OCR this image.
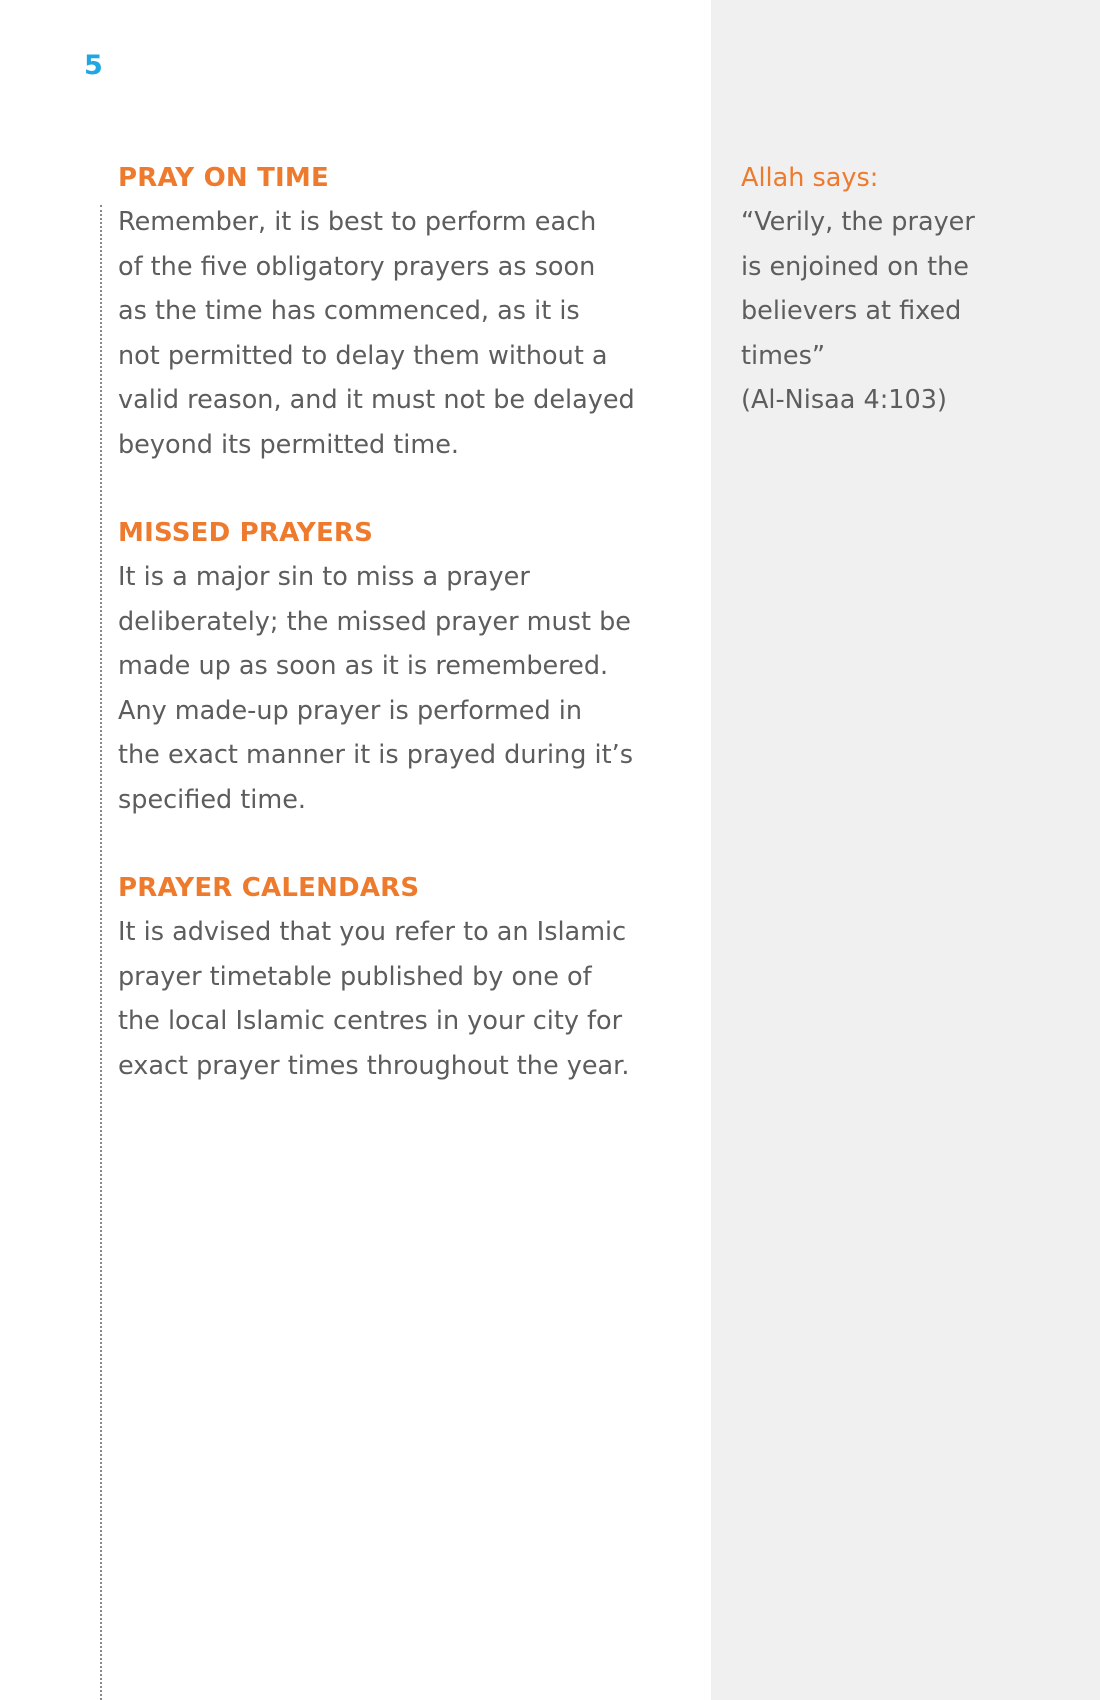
5
PRAY ON TIME

Remember, it is best to perform each
of the five obligatory prayers as soon
as the time has commenced, as it is
not permitted to delay them without a
valid reason, and it must not be delayed
beyond its permitted time.

MISSED PRAYERS

It is a major sin to miss a prayer
deliberately; the missed prayer must be
made up as soon as it is remembered.
Any made-up prayer is performed in
the exact manner it is prayed during it’s
specified time.

PRAYER CALENDARS

It is advised that you refer to an Islamic
prayer timetable published by one of
the local Islamic centres in your city for
exact prayer times throughout the year.

Allah says:

“Verily, the prayer
is enjoined on the
believers at fixed
times”

(Al-Nisaa 4:103)
